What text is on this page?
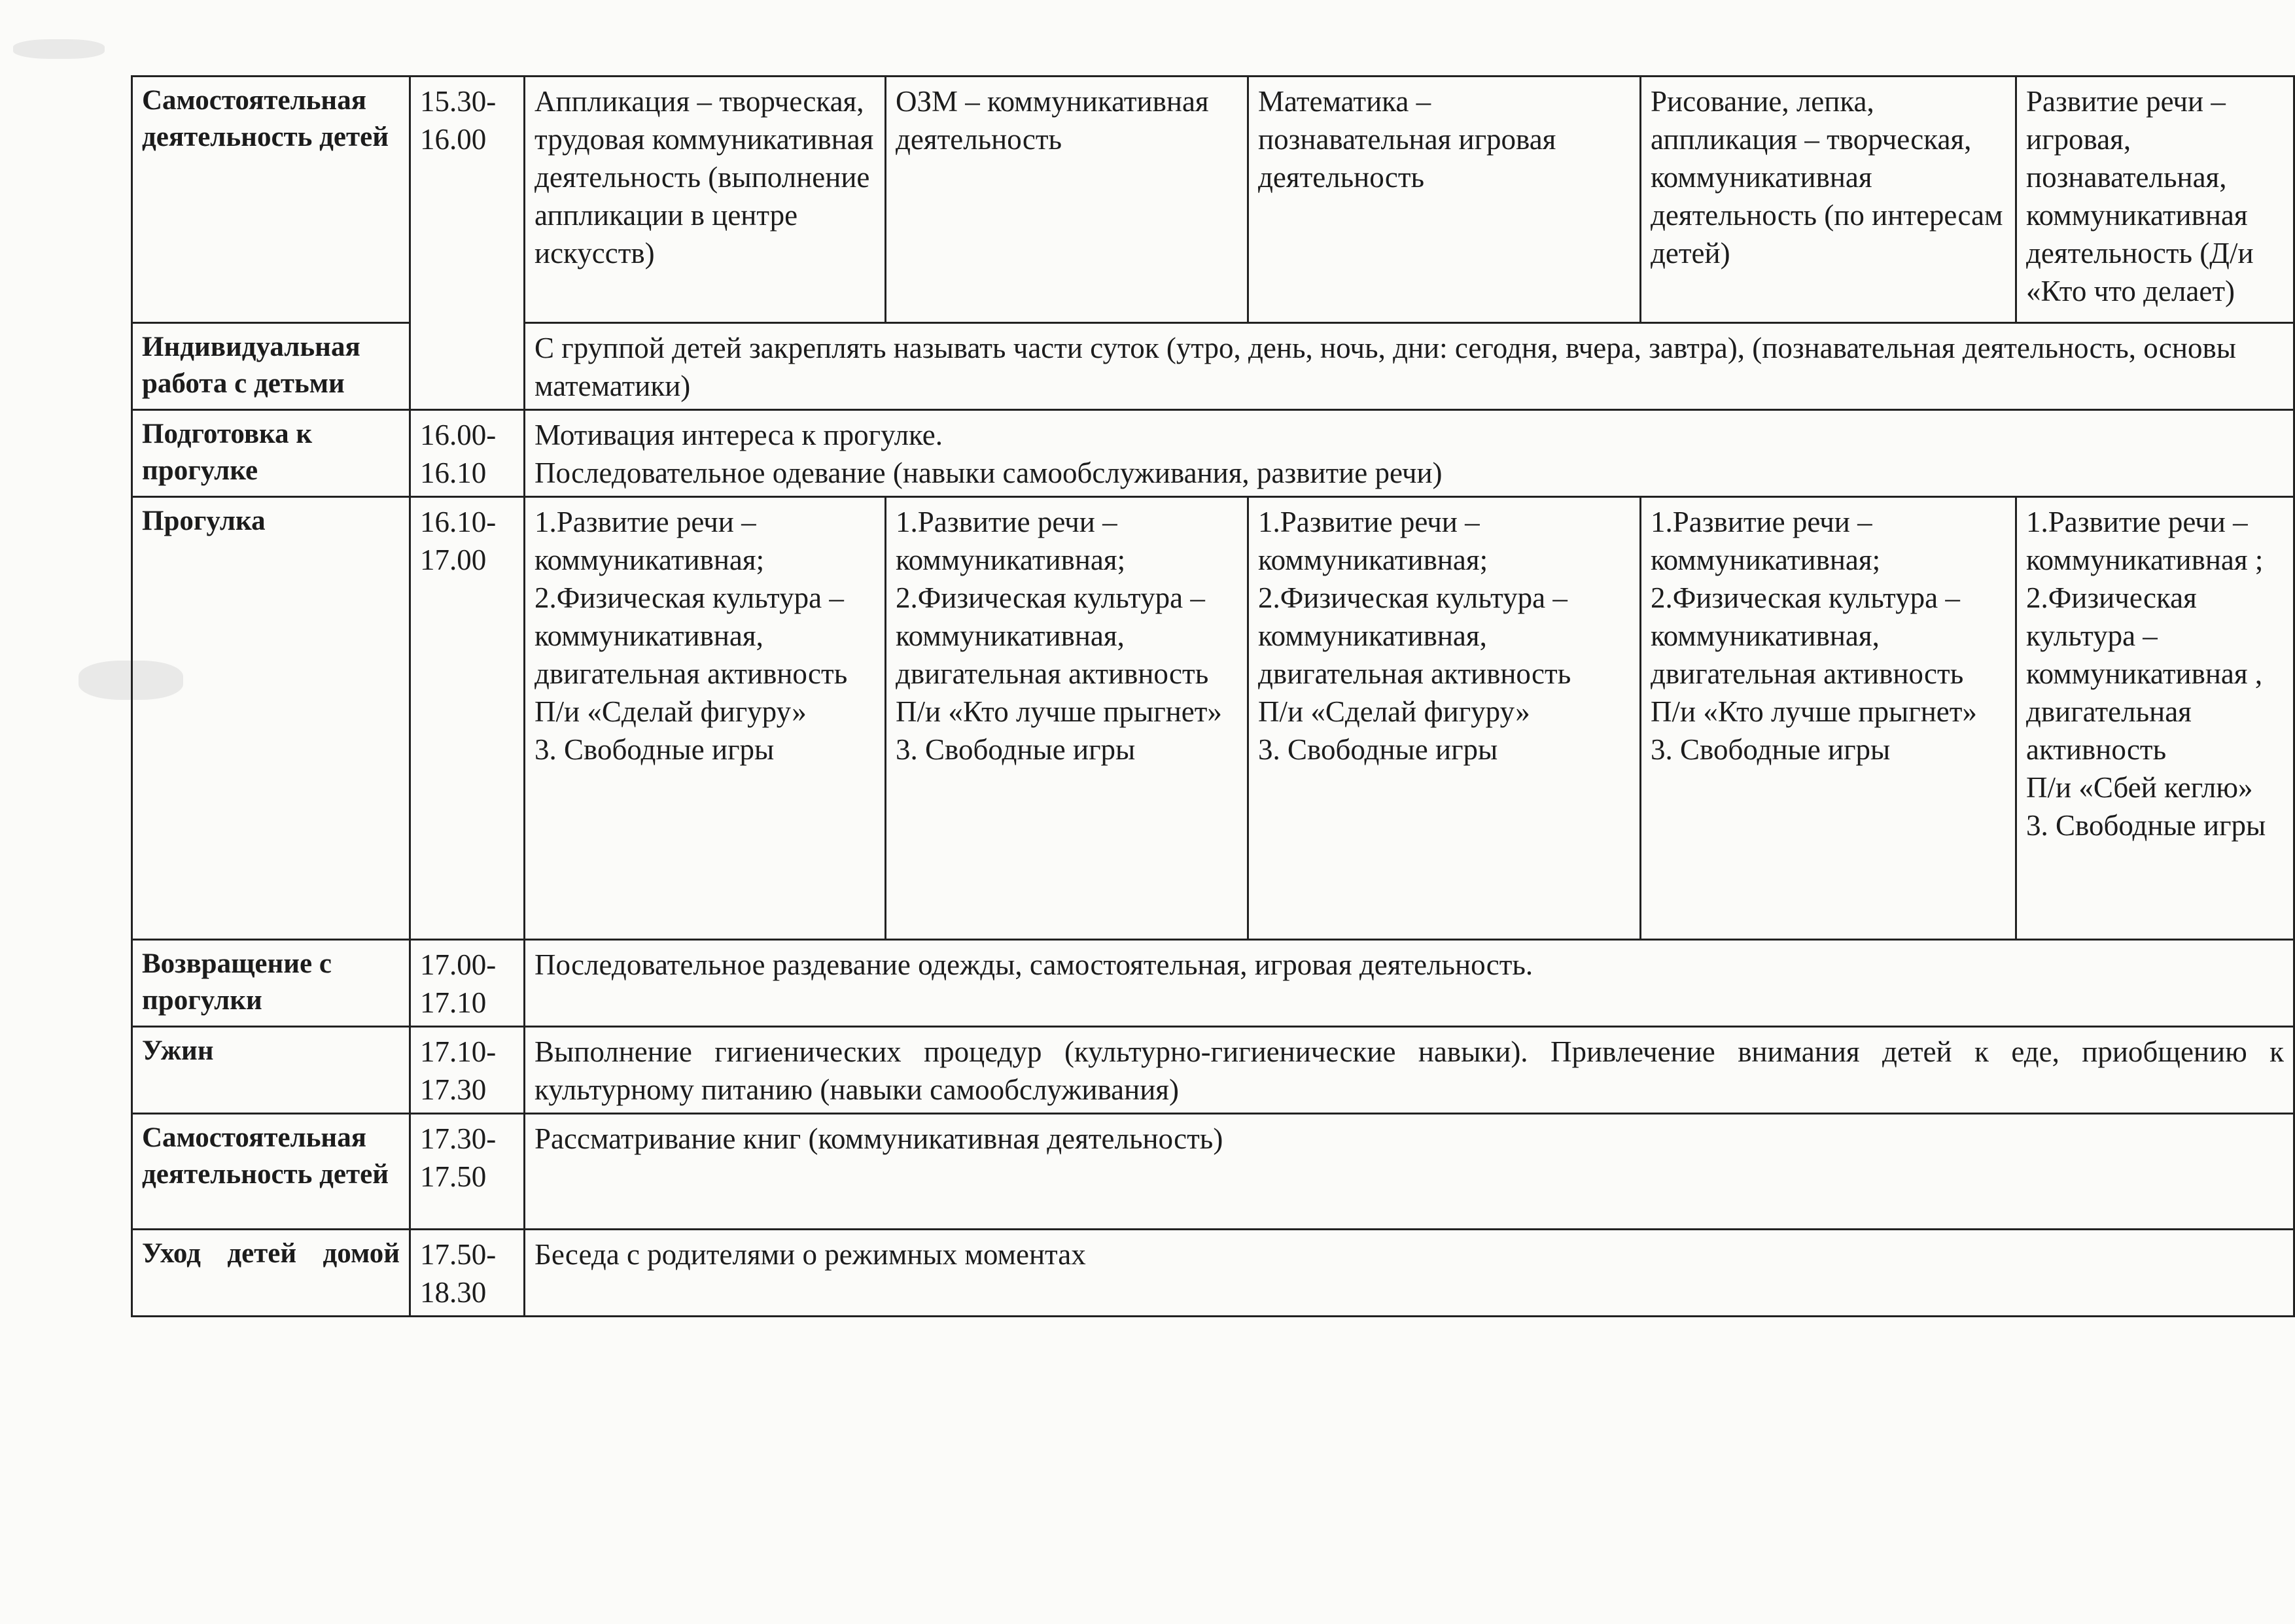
Самостоятельная деятельность детей	15.30-16.00	Аппликация – творческая, трудовая коммуникативная деятельность (выполнение аппликации в центре искусств)	ОЗМ – коммуникативная деятельность	Математика – познавательная игровая деятельность	Рисование, лепка, аппликация – творческая, коммуникативная деятельность (по интересам детей)	Развитие речи – игровая, познавательная, коммуникативная деятельность (Д/и «Кто что делает)
Индивидуальная работа с детьми		С группой детей закреплять называть части суток (утро, день, ночь, дни: сегодня, вчера, завтра), (познавательная деятельность, основы математики)				
Подготовка к прогулке	16.00-16.10	Мотивация интереса к прогулке.
Последовательное одевание (навыки самообслуживания, развитие речи)				

Прогулка	16.10-17.00	1.Развитие речи – коммуникативная;
2.Физическая культура – коммуникативная, двигательная активность
П/и «Сделай фигуру»
3. Свободные игры	1.Развитие речи – коммуникативная;
2.Физическая культура – коммуникативная, двигательная активность
П/и «Кто лучше прыгнет»
3. Свободные игры	1.Развитие речи – коммуникативная;
2.Физическая культура – коммуникативная, двигательная активность
П/и «Сделай фигуру»
3. Свободные игры	1.Развитие речи – коммуникативная;
2.Физическая культура – коммуникативная, двигательная активность
П/и «Кто лучше прыгнет»
3. Свободные игры	1.Развитие речи – коммуникативная ;
2.Физическая культура – коммуникативная , двигательная активность
П/и «Сбей кеглю»
3. Свободные игры

Возвращение с прогулки	17.00-17.10	Последовательное раздевание одежды, самостоятельная, игровая деятельность.				
Ужин	17.10-17.30	Выполнение гигиенических процедур (культурно-гигиенические навыки). Привлечение внимания детей к еде, приобщению к культурному питанию (навыки самообслуживания)				
Самостоятельная деятельность детей	17.30-17.50	Рассматривание книг (коммуникативная деятельность)				
Уход детей домой	17.50-18.30	Беседа с родителями о режимных моментах				
